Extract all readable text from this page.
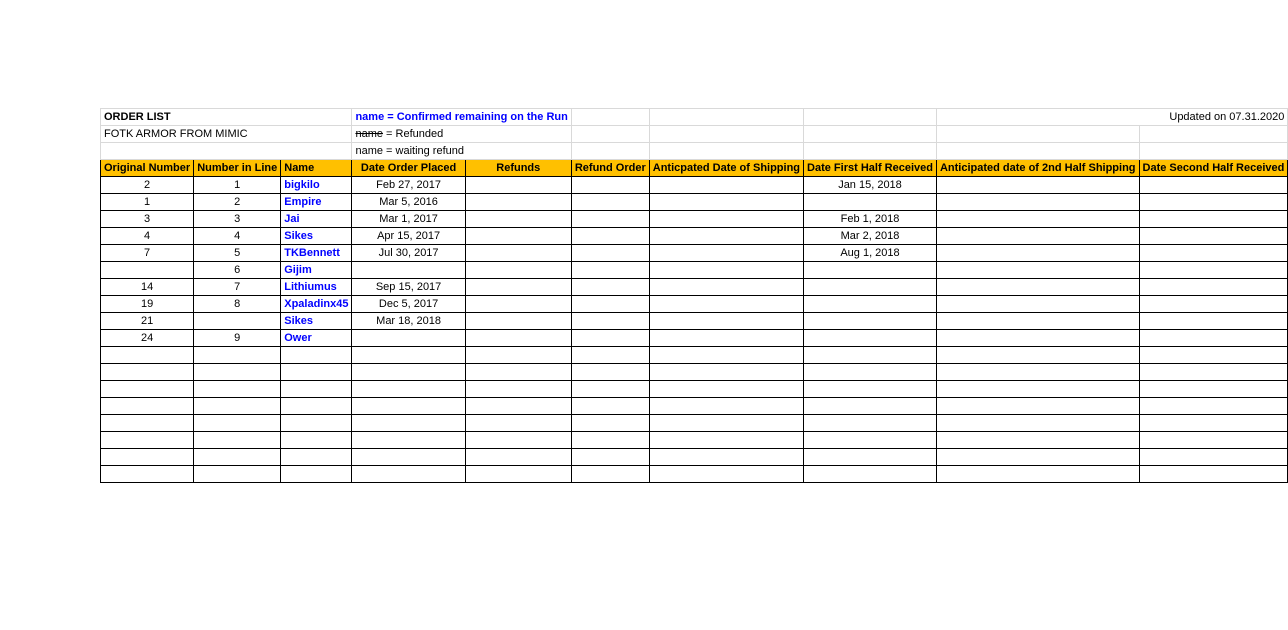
ORDER LIST			name = Confirmed remaining on the Run					Updated on 07.31.2020	
FOTK ARMOR FROM MIMIC			name = Refunded						
			name = waiting refund						
Original Number	Number in Line	Name	Date Order Placed	Refunds	Refund Order	Anticpated Date of Shipping	Date First Half Received	Anticipated date of 2nd Half Shipping	Date Second Half Received
2	1	bigkilo	Feb 27, 2017				Jan 15, 2018		
1	2	Empire	Mar 5, 2016						
3	3	Jai	Mar 1, 2017				Feb 1, 2018		
4	4	Sikes	Apr 15, 2017				Mar 2, 2018		
7	5	TKBennett	Jul 30, 2017				Aug 1, 2018		
	6	Gijim							
14	7	Lithiumus	Sep 15, 2017						
19	8	Xpaladinx45	Dec 5, 2017						
21		Sikes	Mar 18, 2018						
24	9	Ower							
